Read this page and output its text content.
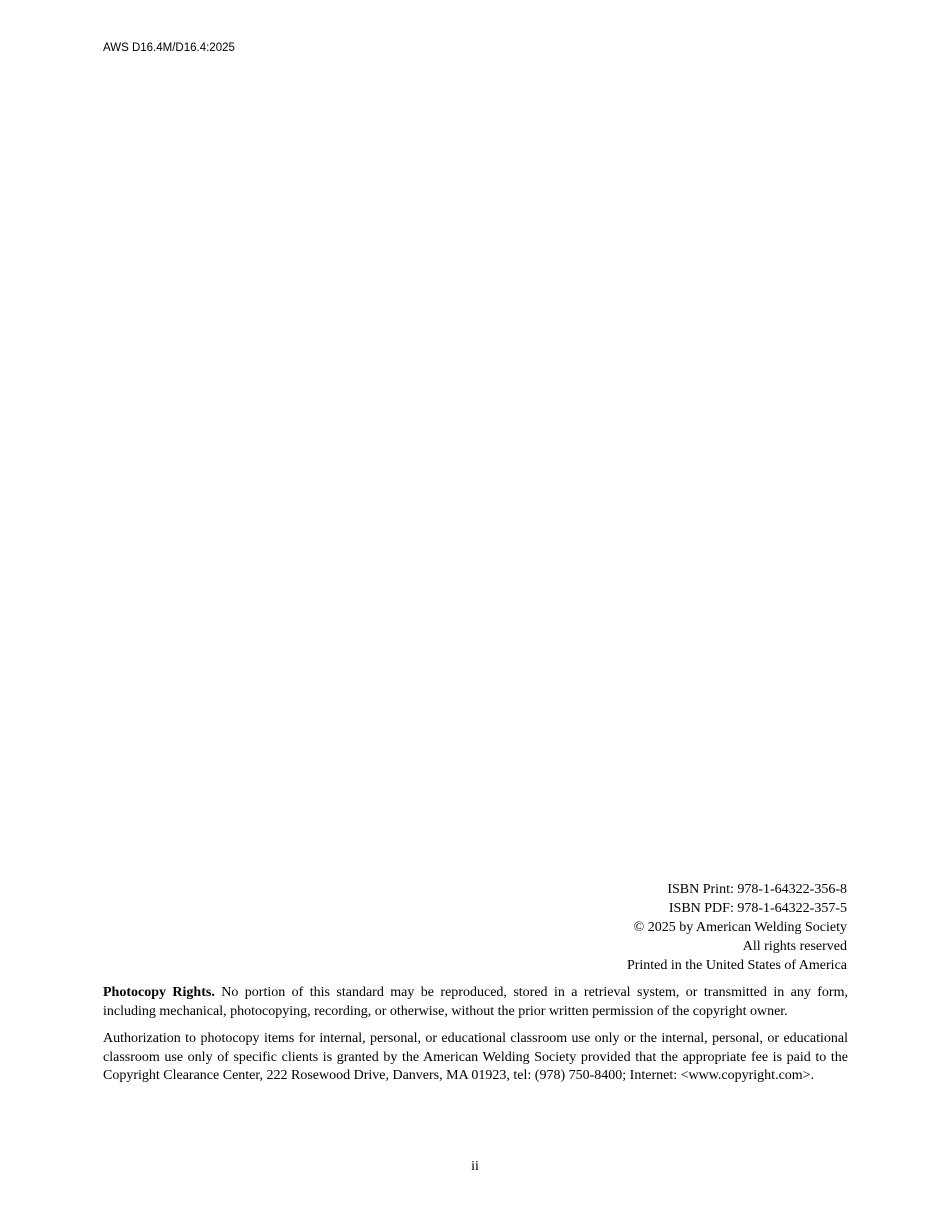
AWS D16.4M/D16.4:2025
ISBN Print: 978-1-64322-356-8
ISBN PDF: 978-1-64322-357-5
© 2025 by American Welding Society
All rights reserved
Printed in the United States of America

Photocopy Rights. No portion of this standard may be reproduced, stored in a retrieval system, or transmitted in any form, including mechanical, photocopying, recording, or otherwise, without the prior written permission of the copyright owner.

Authorization to photocopy items for internal, personal, or educational classroom use only or the internal, personal, or educational classroom use only of specific clients is granted by the American Welding Society provided that the appropriate fee is paid to the Copyright Clearance Center, 222 Rosewood Drive, Danvers, MA 01923, tel: (978) 750-8400; Internet: <www.copyright.com>.

ii
